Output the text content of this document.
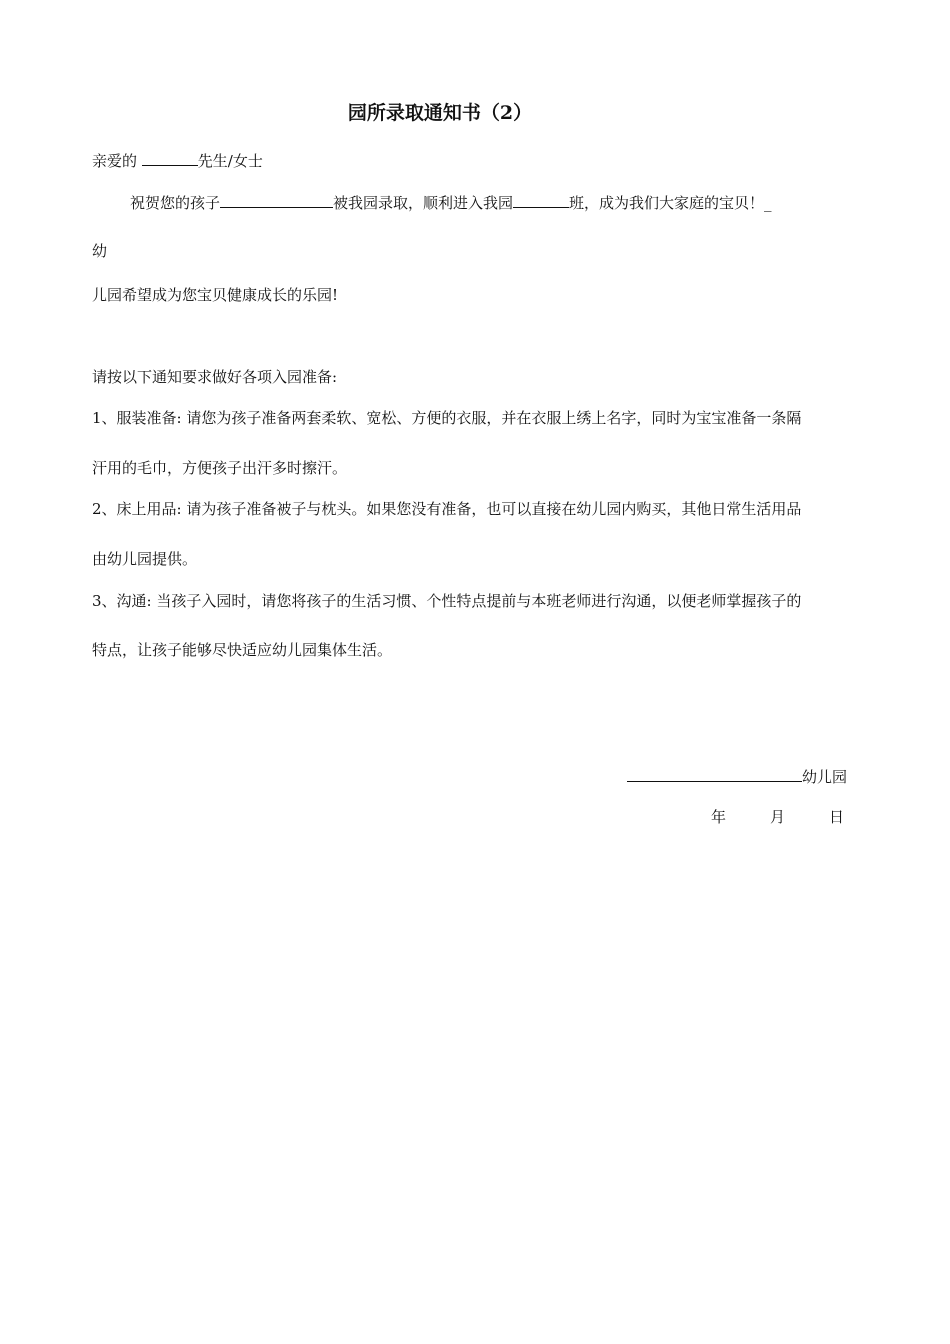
园所录取通知书（2）
亲爱的	先生/女士
祝贺您的孩子	被我园录取，顺利进入我园	班，成为我们大家庭的宝贝！_
幼
儿园希望成为您宝贝健康成长的乐园!
请按以下通知要求做好各项入园准备:
1、服装准备: 请您为孩子准备两套柔软、宽松、方便的衣服，并在衣服上绣上名字，同时为宝宝准备一条隔
汗用的毛巾，方便孩子出汗多时擦汗。
2、床上用品: 请为孩子准备被子与枕头。如果您没有准备，也可以直接在幼儿园内购买，其他日常生活用品
由幼儿园提供。
3、沟通: 当孩子入园时，请您将孩子的生活习惯、个性特点提前与本班老师进行沟通，以便老师掌握孩子的
特点，让孩子能够尽快适应幼儿园集体生活。
幼儿园
年	月	日
